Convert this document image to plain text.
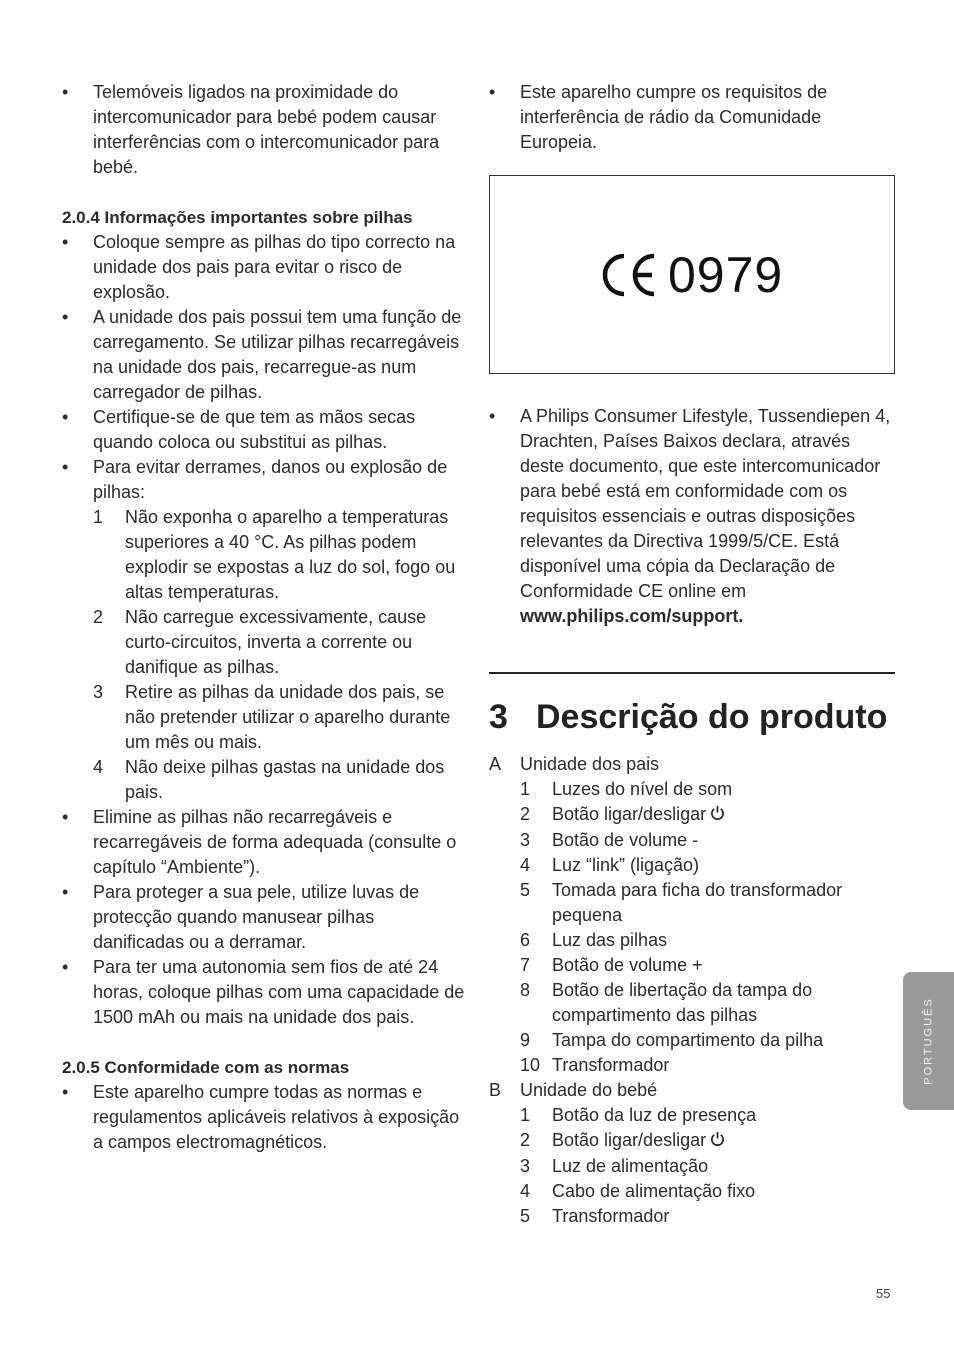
• Telemóveis ligados na proximidade do intercomunicador para bebé podem causar interferências com o intercomunicador para bebé.
2.0.4 Informações importantes sobre pilhas
• Coloque sempre as pilhas do tipo correcto na unidade dos pais para evitar o risco de explosão.
• A unidade dos pais possui tem uma função de carregamento. Se utilizar pilhas recarregáveis na unidade dos pais, recarregue-as num carregador de pilhas.
• Certifique-se de que tem as mãos secas quando coloca ou substitui as pilhas.
• Para evitar derrames, danos ou explosão de pilhas:
1	Não exponha o aparelho a temperaturas superiores a 40 °C. As pilhas podem explodir se expostas a luz do sol, fogo ou altas temperaturas.
2	Não carregue excessivamente, cause curto-circuitos, inverta a corrente ou danifique as pilhas.
3	Retire as pilhas da unidade dos pais, se não pretender utilizar o aparelho durante um mês ou mais.
4	Não deixe pilhas gastas na unidade dos pais.
• Elimine as pilhas não recarregáveis e recarregáveis de forma adequada (consulte o capítulo “Ambiente”).
• Para proteger a sua pele, utilize luvas de protecção quando manusear pilhas danificadas ou a derramar.
• Para ter uma autonomia sem fios de até 24 horas, coloque pilhas com uma capacidade de 1500 mAh ou mais na unidade dos pais.
2.0.5 Conformidade com as normas
• Este aparelho cumpre todas as normas e regulamentos aplicáveis relativos à exposição a campos electromagnéticos.
• Este aparelho cumpre os requisitos de interferência de rádio da Comunidade Europeia.
0979
• A Philips Consumer Lifestyle, Tussendiepen 4, Drachten, Países Baixos declara, através deste documento, que este intercomunicador para bebé está em conformidade com os requisitos essenciais e outras disposições relevantes da Directiva 1999/5/CE. Está disponível uma cópia da Declaração de Conformidade CE online em www.philips.com/support.
3 Descrição do produto
A Unidade dos pais
1 Luzes do nível de som
2 Botão ligar/desligar
3 Botão de volume -
4 Luz “link” (ligação)
5 Tomada para ficha do transformador pequena
6 Luz das pilhas
7 Botão de volume +
8 Botão de libertação da tampa do compartimento das pilhas
9 Tampa do compartimento da pilha
10 Transformador
B Unidade do bebé
1 Botão da luz de presença
2 Botão ligar/desligar
3 Luz de alimentação
4 Cabo de alimentação fixo
5 Transformador
PORTUGUÊS
55
